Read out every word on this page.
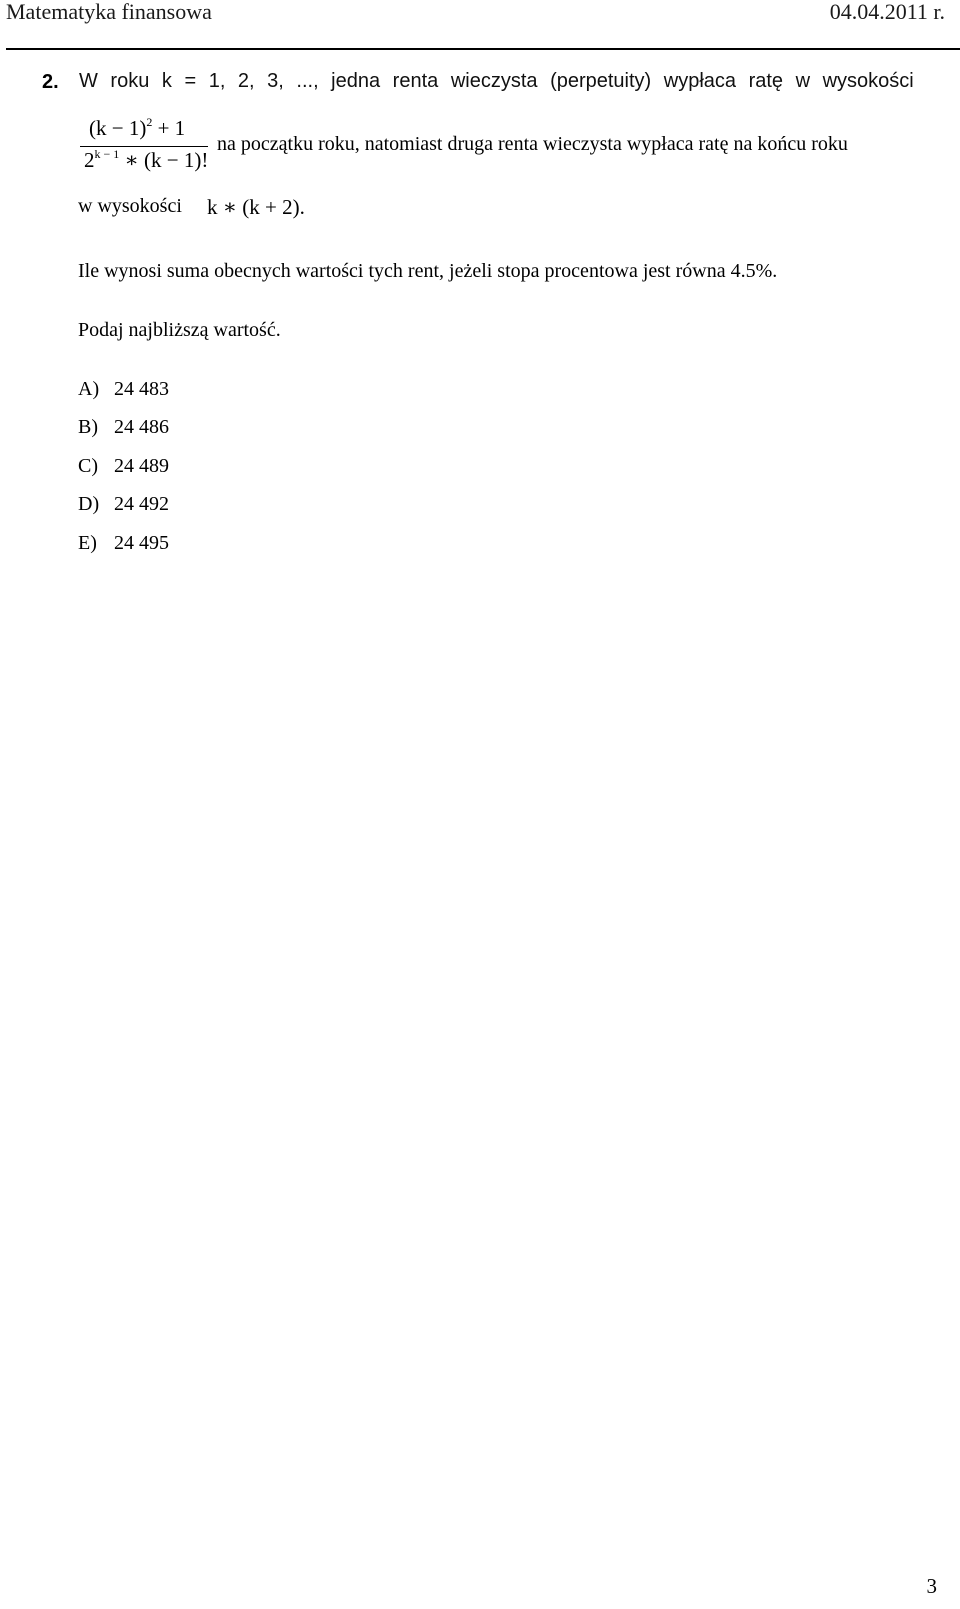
Matematyka finansowa	04.04.2011 r.
2. W roku k = 1, 2, 3, ..., jedna renta wieczysta (perpetuity) wypłaca ratę w wysokości
$(k - 1)^2 + 1$
$2^{k - 1}$ ∗ (k − 1)!
na początku roku, natomiast druga renta wieczysta wypłaca ratę na końcu roku
w wysokości k ∗ (k + 2).
Ile wynosi suma obecnych wartości tych rent, jeżeli stopa procentowa jest równa 4.5%.
Podaj najbliższą wartość.
A) 24 483
B) 24 486
C) 24 489
D) 24 492
E) 24 495
3
